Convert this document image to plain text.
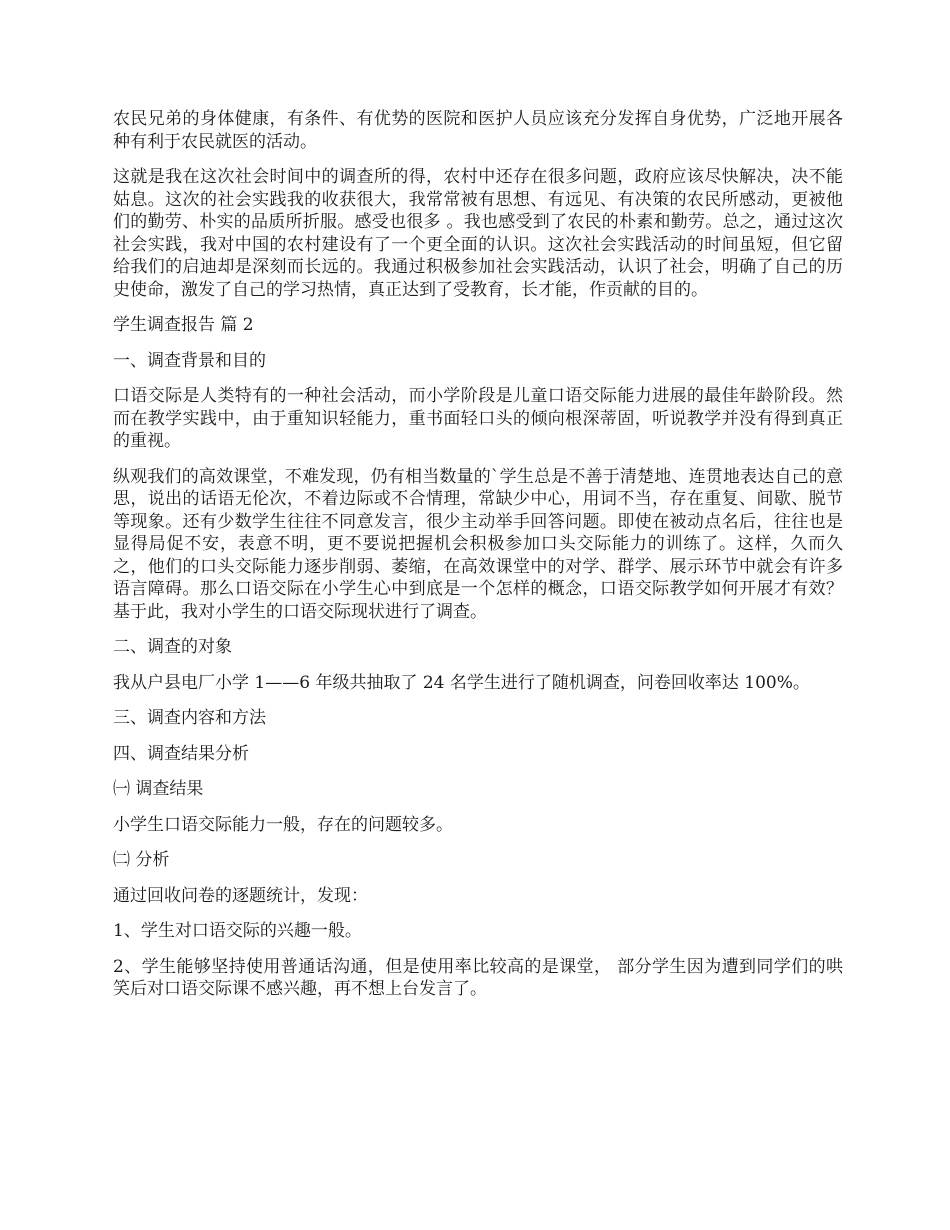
农民兄弟的身体健康，有条件、有优势的医院和医护人员应该充分发挥自身优势，广泛地开展各种有利于农民就医的活动。

这就是我在这次社会时间中的调查所的得，农村中还存在很多问题，政府应该尽快解决，决不能姑息。这次的社会实践我的收获很大，我常常被有思想、有远见、有决策的农民所感动，更被他们的勤劳、朴实的品质所折服。感受也很多 。我也感受到了农民的朴素和勤劳。总之，通过这次社会实践，我对中国的农村建设有了一个更全面的认识。这次社会实践活动的时间虽短，但它留给我们的启迪却是深刻而长远的。我通过积极参加社会实践活动，认识了社会，明确了自己的历史使命，激发了自己的学习热情，真正达到了受教育，长才能，作贡献的目的。

学生调查报告 篇 2

一、调查背景和目的

口语交际是人类特有的一种社会活动，而小学阶段是儿童口语交际能力进展的最佳年龄阶段。然而在教学实践中，由于重知识轻能力，重书面轻口头的倾向根深蒂固，听说教学并没有得到真正的重视。

纵观我们的高效课堂，不难发现，仍有相当数量的`学生总是不善于清楚地、连贯地表达自己的意思，说出的话语无伦次，不着边际或不合情理，常缺少中心，用词不当，存在重复、间歇、脱节等现象。还有少数学生往往不同意发言，很少主动举手回答问题。即使在被动点名后，往往也是显得局促不安，表意不明，更不要说把握机会积极参加口头交际能力的训练了。这样，久而久之，他们的口头交际能力逐步削弱、萎缩，在高效课堂中的对学、群学、展示环节中就会有许多语言障碍。那么口语交际在小学生心中到底是一个怎样的概念，口语交际教学如何开展才有效？基于此，我对小学生的口语交际现状进行了调查。

二、调查的对象

我从户县电厂小学 1——6 年级共抽取了 24 名学生进行了随机调查，问卷回收率达 100%。

三、调查内容和方法

四、调查结果分析

㈠ 调查结果

小学生口语交际能力一般，存在的问题较多。

㈡ 分析

通过回收问卷的逐题统计，发现：

1、学生对口语交际的兴趣一般。

2、学生能够坚持使用普通话沟通，但是使用率比较高的是课堂， 部分学生因为遭到同学们的哄笑后对口语交际课不感兴趣，再不想上台发言了。
